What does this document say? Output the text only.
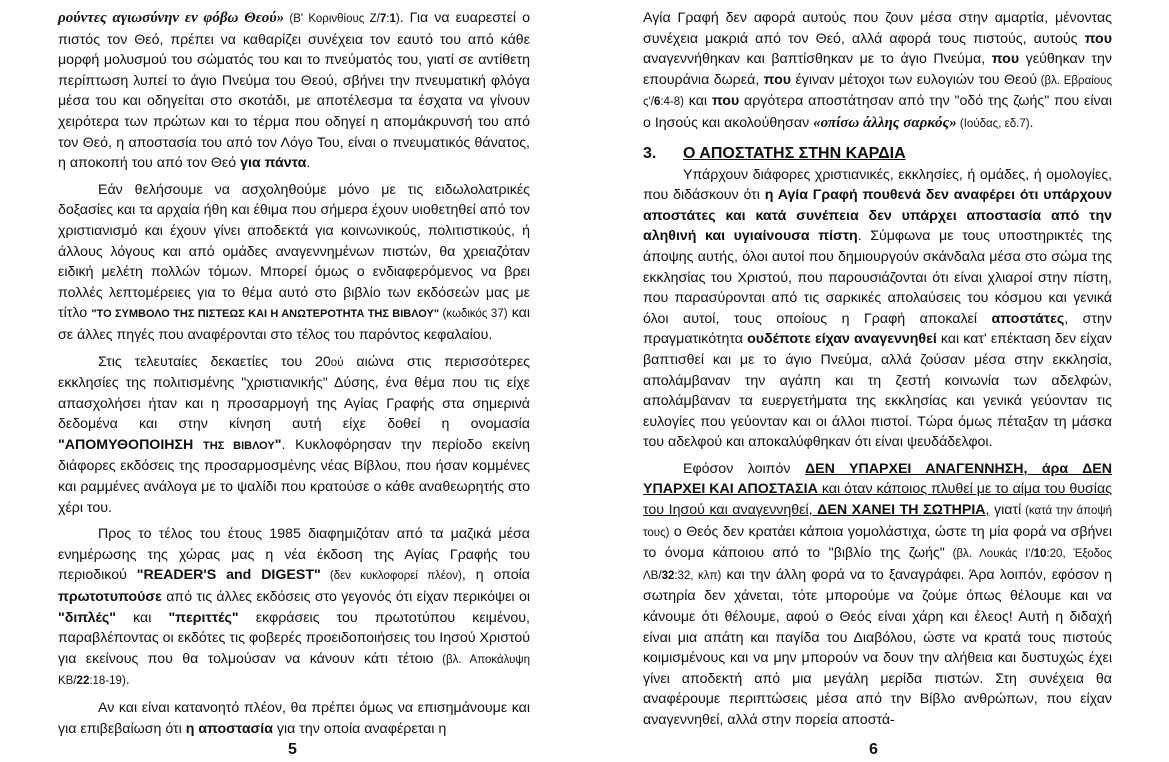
ρούντες αγιωσύνην εν φόβω Θεού» (Β' Κορινθίους Ζ/7:1). Για να ευαρεστεί ο πιστός τον Θεό, πρέπει να καθαρίζει συνέχεια τον εαυτό του από κάθε μορφή μολυσμού του σώματός του και το πνεύματός του, γιατί σε αντίθετη περίπτωση λυπεί το άγιο Πνεύμα του Θεού, σβήνει την πνευματική φλόγα μέσα του και οδηγείται στο σκοτάδι, με αποτέλεσμα τα έσχατα να γίνουν χειρότερα των πρώτων και το τέρμα που οδηγεί η απομάκρυνσή του από τον Θεό, η αποστασία του από τον Λόγο Του, είναι ο πνευματικός θάνατος, η αποκοπή του από τον Θεό για πάντα.

Εάν θελήσουμε να ασχοληθούμε μόνο με τις ειδωλολατρικές δοξασίες και τα αρχαία ήθη και έθιμα που σήμερα έχουν υιοθετηθεί από τον χριστιανισμό και έχουν γίνει αποδεκτά για κοινωνικούς, πολιτιστικούς, ή άλλους λόγους και από ομάδες αναγεννημένων πιστών, θα χρειαζόταν ειδική μελέτη πολλών τόμων. Μπορεί όμως ο ενδιαφερόμενος να βρει πολλές λεπτομέρειες για το θέμα αυτό στο βιβλίο των εκδόσεών μας με τίτλο "ΤΟ ΣΥΜΒΟΛΟ ΤΗΣ ΠΙΣΤΕΩΣ ΚΑΙ Η ΑΝΩΤΕΡΟΤΗΤΑ ΤΗΣ ΒΙΒΛΟΥ" (κωδικός 37) και σε άλλες πηγές που αναφέρονται στο τέλος του παρόντος κεφαλαίου.

Στις τελευταίες δεκαετίες του 20ού αιώνα στις περισσότερες εκκλησίες της πολιτισμένης "χριστιανικής" Δύσης, ένα θέμα που τις είχε απασχολήσει ήταν και η προσαρμογή της Αγίας Γραφής στα σημερινά δεδομένα και στην κίνηση αυτή είχε δοθεί η ονομασία "ΑΠΟΜΥΘΟΠΟΙΗΣΗ ΤΗΣ ΒΙΒΛΟΥ". Κυκλοφόρησαν την περίοδο εκείνη διάφορες εκδόσεις της προσαρμοσμένης νέας Βίβλου, που ήσαν κομμένες και ραμμένες ανάλογα με το ψαλίδι που κρατούσε ο κάθε αναθεωρητής στο χέρι του.

Προς το τέλος του έτους 1985 διαφημιζόταν από τα μαζικά μέσα ενημέρωσης της χώρας μας η νέα έκδοση της Αγίας Γραφής του περιοδικού "READER'S and DIGEST" (δεν κυκλοφορεί πλέον), η οποία πρωτοτυπούσε από τις άλλες εκδόσεις στο γεγονός ότι είχαν περικόψει οι "διπλές" και "περιττές" εκφράσεις του πρωτοτύπου κειμένου, παραβλέποντας οι εκδότες τις φοβερές προειδοποιήσεις του Ιησού Χριστού για εκείνους που θα τολμούσαν να κάνουν κάτι τέτοιο (βλ. Αποκάλυψη ΚΒ/22:18-19).

Αν και είναι κατανοητό πλέον, θα πρέπει όμως να επισημάνουμε και για επιβεβαίωση ότι η αποστασία για την οποία αναφέρεται η

5

Αγία Γραφή δεν αφορά αυτούς που ζουν μέσα στην αμαρτία, μένοντας συνέχεια μακριά από τον Θεό, αλλά αφορά τους πιστούς, αυτούς που αναγεννήθηκαν και βαπτίσθηκαν με το άγιο Πνεύμα, που γεύθηκαν την επουράνια δωρεά, που έγιναν μέτοχοι των ευλογιών του Θεού (βλ. Εβραίους ς'/6:4-8) και που αργότερα αποστάτησαν από την "οδό της ζωής" που είναι ο Ιησούς και ακολούθησαν «οπίσω άλλης σαρκός» (Ιούδας, εδ.7).

3. Ο ΑΠΟΣΤΑΤΗΣ ΣΤΗΝ ΚΑΡΔΙΑ

Υπάρχουν διάφορες χριστιανικές, εκκλησίες, ή ομάδες, ή ομολογίες, που διδάσκουν ότι η Αγία Γραφή πουθενά δεν αναφέρει ότι υπάρχουν αποστάτες και κατά συνέπεια δεν υπάρχει αποστασία από την αληθινή και υγιαίνουσα πίστη. Σύμφωνα με τους υποστηρικτές της άποψης αυτής, όλοι αυτοί που δημιουργούν σκάνδαλα μέσα στο σώμα της εκκλησίας του Χριστού, που παρουσιάζονται ότι είναι χλιαροί στην πίστη, που παρασύρονται από τις σαρκικές απολαύσεις του κόσμου και γενικά όλοι αυτοί, τους οποίους η Γραφή αποκαλεί αποστάτες, στην πραγματικότητα ουδέποτε είχαν αναγεννηθεί και κατ' επέκταση δεν είχαν βαπτισθεί και με το άγιο Πνεύμα, αλλά ζούσαν μέσα στην εκκλησία, απολάμβαναν την αγάπη και τη ζεστή κοινωνία των αδελφών, απολάμβαναν τα ευεργετήματα της εκκλησίας και γενικά γεύονταν τις ευλογίες που γεύονταν και οι άλλοι πιστοί. Τώρα όμως πέταξαν τη μάσκα του αδελφού και αποκαλύφθηκαν ότι είναι ψευδάδελφοι.

Εφόσον λοιπόν ΔΕΝ ΥΠΑΡΧΕΙ ΑΝΑΓΕΝΝΗΣΗ, άρα ΔΕΝ ΥΠΑΡΧΕΙ ΚΑΙ ΑΠΟΣΤΑΣΙΑ και όταν κάποιος πλυθεί με το αίμα του θυσίας του Ιησού και αναγεννηθεί, ΔΕΝ ΧΑΝΕΙ ΤΗ ΣΩΤΗΡΙΑ, γιατί (κατά την άποψή τους) ο Θεός δεν κρατάει κάποια γομολάστιχα, ώστε τη μία φορά να σβήνει το όνομα κάποιου από το "βιβλίο της ζωής" (βλ. Λουκάς Ι'/10:20, Έξοδος ΛΒ/32:32, κλπ) και την άλλη φορά να το ξαναγράφει. Άρα λοιπόν, εφόσον η σωτηρία δεν χάνεται, τότε μπορούμε να ζούμε όπως θέλουμε και να κάνουμε ότι θέλουμε, αφού ο Θεός είναι χάρη και έλεος! Αυτή η διδαχή είναι μια απάτη και παγίδα του Διαβόλου, ώστε να κρατά τους πιστούς κοιμισμένους και να μην μπορούν να δουν την αλήθεια και δυστυχώς έχει γίνει αποδεκτή από μια μεγάλη μερίδα πιστών. Στη συνέχεια θα αναφέρουμε περιπτώσεις μέσα από την Βίβλο ανθρώπων, που είχαν αναγεννηθεί, αλλά στην πορεία αποστά-

6
